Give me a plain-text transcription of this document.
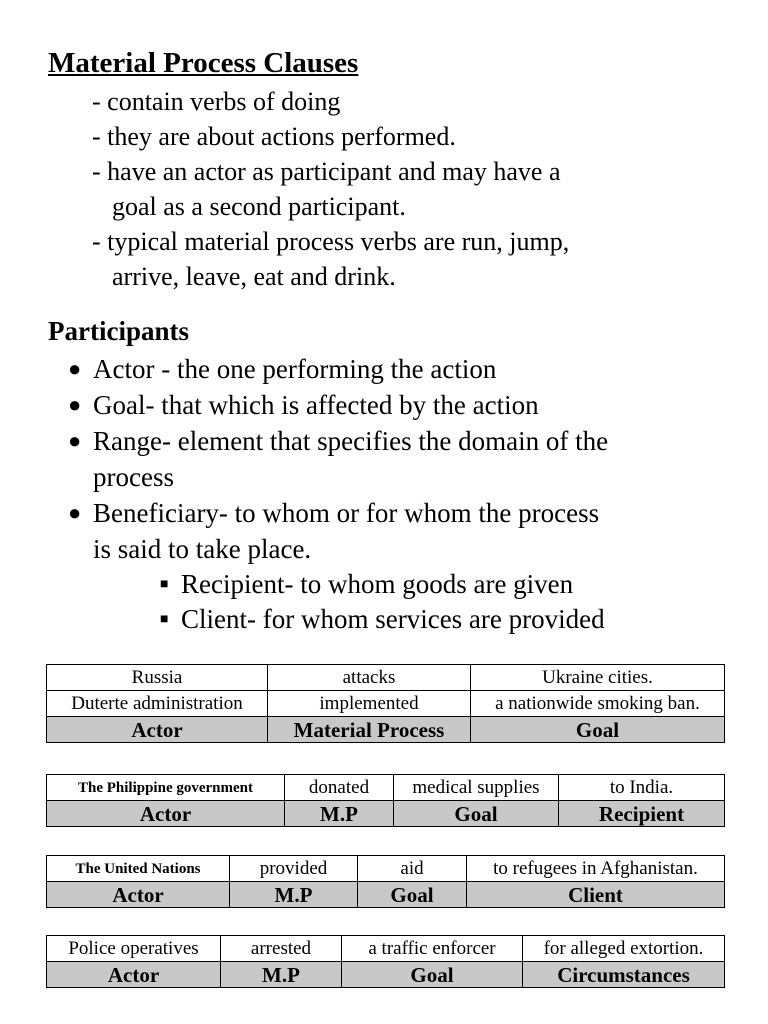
Material Process Clauses
- contain verbs of doing
- they are about actions performed.
- have an actor as participant and may have a
goal as a second participant.
- typical material process verbs are run, jump,
arrive, leave, eat and drink.
Participants
● Actor - the one performing the action
● Goal- that which is affected by the action
● Range- element that specifies the domain of the
process
● Beneficiary- to whom or for whom the process
is said to take place.
■ Recipient- to whom goods are given
■ Client- for whom services are provided
Russia	attacks	Ukraine cities.
Duterte administration	implemented	a nationwide smoking ban.
Actor	Material Process	Goal
The Philippine government	donated	medical supplies	to India.
Actor	M.P	Goal	Recipient
The United Nations	provided	aid	to refugees in Afghanistan.
Actor	M.P	Goal	Client
Police operatives	arrested	a traffic enforcer	for alleged extortion.
Actor	M.P	Goal	Circumstances
